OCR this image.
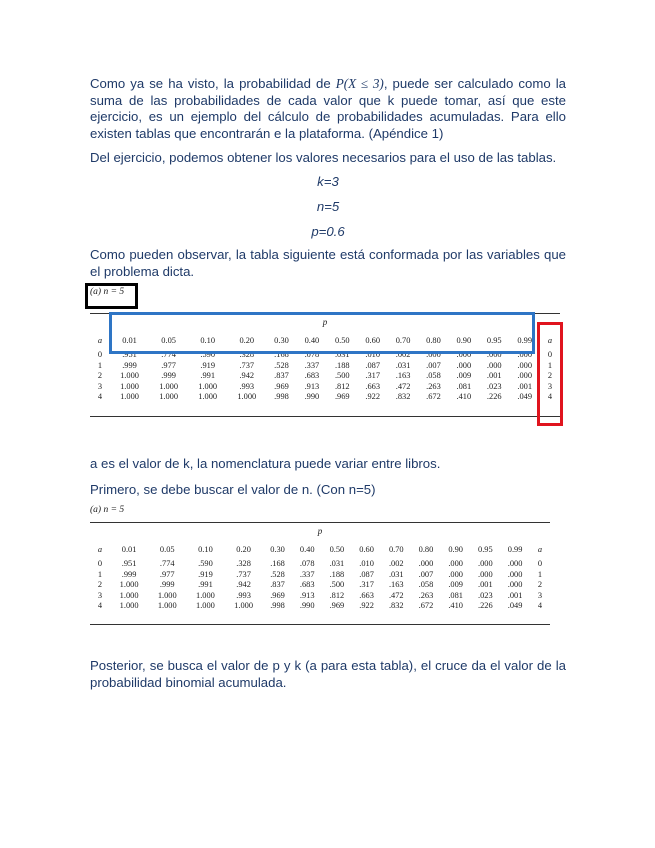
Como ya se ha visto, la probabilidad de P(X ≤ 3), puede ser calculado como la suma de las probabilidades de cada valor que k puede tomar, así que este ejercicio, es un ejemplo del cálculo de probabilidades acumuladas. Para ello existen tablas que encontrarán e la plataforma. (Apéndice 1)

Del ejercicio, podemos obtener los valores necesarios para el uso de las tablas.

k=3
n=5
p=0.6

Como pueden observar, la tabla siguiente está conformada por las variables que el problema dicta.

(a) n = 5
	p													
a	0.01	0.05	0.10	0.20	0.30	0.40	0.50	0.60	0.70	0.80	0.90	0.95	0.99	a
0	.951	.774	.590	.328	.168	.078	.031	.010	.002	.000	.000	.000	.000	0
1	.999	.977	.919	.737	.528	.337	.188	.087	.031	.007	.000	.000	.000	1
2	1.000	.999	.991	.942	.837	.683	.500	.317	.163	.058	.009	.001	.000	2
3	1.000	1.000	1.000	.993	.969	.913	.812	.663	.472	.263	.081	.023	.001	3
4	1.000	1.000	1.000	1.000	.998	.990	.969	.922	.832	.672	.410	.226	.049	4

a es el valor de k, la nomenclatura puede variar entre libros.

Primero, se debe buscar el valor de n. (Con n=5)

(a) n = 5
	p													
a	0.01	0.05	0.10	0.20	0.30	0.40	0.50	0.60	0.70	0.80	0.90	0.95	0.99	a
0	.951	.774	.590	.328	.168	.078	.031	.010	.002	.000	.000	.000	.000	0
1	.999	.977	.919	.737	.528	.337	.188	.087	.031	.007	.000	.000	.000	1
2	1.000	.999	.991	.942	.837	.683	.500	.317	.163	.058	.009	.001	.000	2
3	1.000	1.000	1.000	.993	.969	.913	.812	.663	.472	.263	.081	.023	.001	3
4	1.000	1.000	1.000	1.000	.998	.990	.969	.922	.832	.672	.410	.226	.049	4

Posterior, se busca el valor de p y k (a para esta tabla), el cruce da el valor de la probabilidad binomial acumulada.
